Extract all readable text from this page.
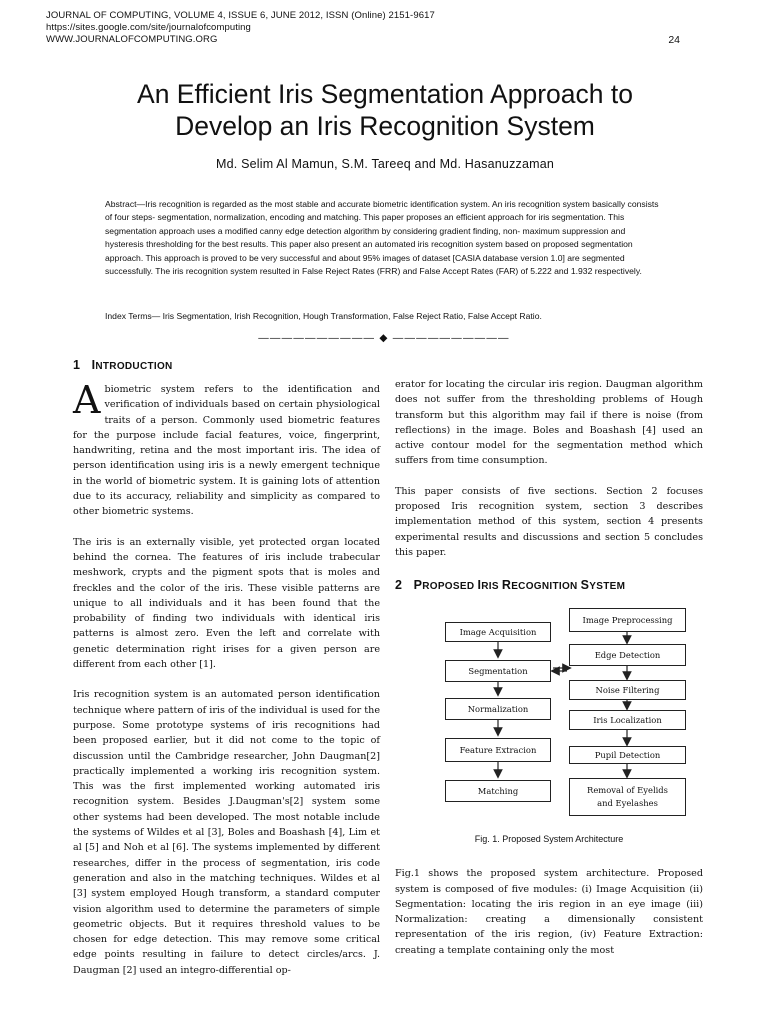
JOURNAL OF COMPUTING, VOLUME 4, ISSUE 6, JUNE 2012, ISSN (Online) 2151-9617
https://sites.google.com/site/journalofcomputing
WWW.JOURNALOFCOMPUTING.ORG	24
An Efficient Iris Segmentation Approach to
Develop an Iris Recognition System
Md. Selim Al Mamun, S.M. Tareeq and Md. Hasanuzzaman
Abstract—Iris recognition is regarded as the most stable and accurate biometric identification system. An iris recognition system basically consists of four steps- segmentation, normalization, encoding and matching. This paper proposes an efficient approach for iris segmentation. This segmentation approach uses a modified canny edge detection algorithm by considering gradient finding, non- maximum suppression and hysteresis thresholding for the best results. This paper also present an automated iris recognition system based on proposed segmentation approach. This approach is proved to be very successful and about 95% images of dataset [CASIA database version 1.0] are segmented successfully. The iris recognition system resulted in False Reject Rates (FRR) and False Accept Rates (FAR) of 5.222 and 1.932 respectively.
Index Terms— Iris Segmentation, Irish Recognition, Hough Transformation, False Reject Ratio, False Accept Ratio.
—————————— ◆ ——————————
1 INTRODUCTION

Abiometric system refers to the identification and verification of individuals based on certain physiological traits of a person. Commonly used biometric features for the purpose include facial features, voice, fingerprint, handwriting, retina and the most important iris. The idea of person identification using iris is a newly emergent technique in the world of biometric system. It is gaining lots of attention due to its accuracy, reliability and simplicity as compared to other biometric systems.

The iris is an externally visible, yet protected organ located behind the cornea. The features of iris include trabecular meshwork, crypts and the pigment spots that is moles and freckles and the color of the iris. These visible patterns are unique to all individuals and it has been found that the probability of finding two individuals with identical iris patterns is almost zero. Even the left and correlate with genetic determination right irises for a given person are different from each other [1].

Iris recognition system is an automated person identification technique where pattern of iris of the individual is used for the purpose. Some prototype systems of iris recognitions had been proposed earlier, but it did not come to the topic of discussion until the Cambridge researcher, John Daugman[2] practically implemented a working iris recognition system. This was the first implemented working automated iris recognition system. Besides J.Daugman's[2] system some other systems had been developed. The most notable include the systems of Wildes et al [3], Boles and Boashash [4], Lim et al [5] and Noh et al [6]. The systems implemented by different researches, differ in the process of segmentation, iris code generation and also in the matching techniques. Wildes et al [3] system employed Hough transform, a standard computer vision algorithm used to determine the parameters of simple geometric objects. But it requires threshold values to be chosen for edge detection. This may remove some critical edge points resulting in failure to detect circles/arcs. J. Daugman [2] used an integro-differential op-

erator for locating the circular iris region. Daugman algorithm does not suffer from the thresholding problems of Hough transform but this algorithm may fail if there is noise (from reflections) in the image. Boles and Boashash [4] used an active contour model for the segmentation method which suffers from time consumption.

This paper consists of five sections. Section 2 focuses proposed Iris recognition system, section 3 describes implementation method of this system, section 4 presents experimental results and discussions and section 5 concludes this paper.

2 PROPOSED IRIS RECOGNITION SYSTEM
Image Acquisition
Segmentation
Normalization
Feature Extracion
Matching
Image Preprocessing
Edge Detection
Noise Filtering
Iris Localization
Pupil Detection
Removal of Eyelids and Eyelashes
Fig. 1. Proposed System Architecture

Fig.1 shows the proposed system architecture. Proposed system is composed of five modules: (i) Image Acquisition (ii) Segmentation: locating the iris region in an eye image (iii) Normalization: creating a dimensionally consistent representation of the iris region, (iv) Feature Extraction: creating a template containing only the most
